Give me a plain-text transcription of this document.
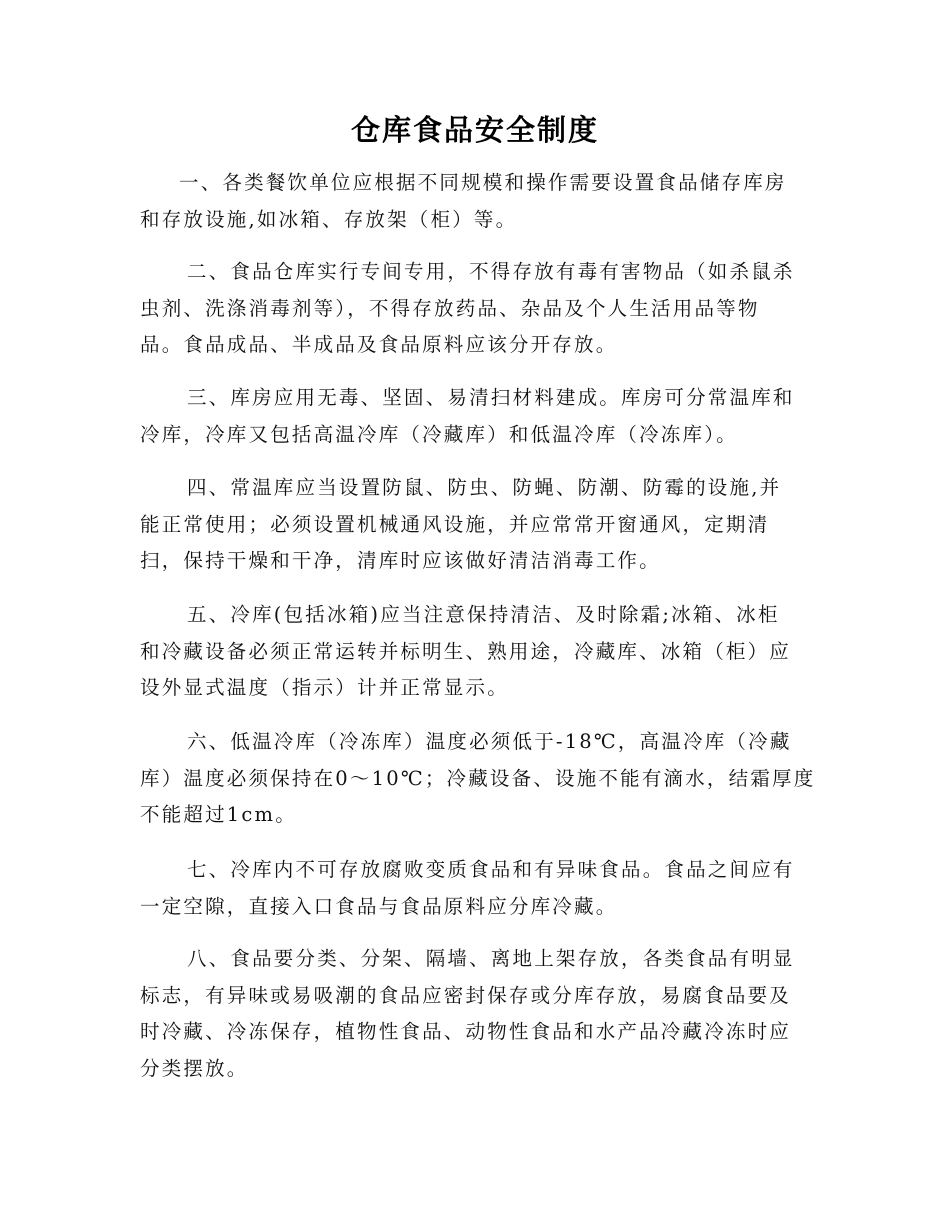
仓库食品安全制度
一、各类餐饮单位应根据不同规模和操作需要设置食品储存库房
和存放设施,如冰箱、存放架（柜）等。
二、食品仓库实行专间专用，不得存放有毒有害物品（如杀鼠杀
虫剂、洗涤消毒剂等），不得存放药品、杂品及个人生活用品等物
品。食品成品、半成品及食品原料应该分开存放。
三、库房应用无毒、坚固、易清扫材料建成。库房可分常温库和
冷库，冷库又包括高温冷库（冷藏库）和低温冷库（冷冻库）。
四、常温库应当设置防鼠、防虫、防蝇、防潮、防霉的设施,并
能正常使用；必须设置机械通风设施，并应常常开窗通风，定期清
扫，保持干燥和干净，清库时应该做好清洁消毒工作。
五、冷库(包括冰箱)应当注意保持清洁、及时除霜;冰箱、冰柜
和冷藏设备必须正常运转并标明生、熟用途，冷藏库、冰箱（柜）应
设外显式温度（指示）计并正常显示。
六、低温冷库（冷冻库）温度必须低于-18℃，高温冷库（冷藏
库）温度必须保持在0～10℃；冷藏设备、设施不能有滴水，结霜厚度
不能超过1cm。
七、冷库内不可存放腐败变质食品和有异味食品。食品之间应有
一定空隙，直接入口食品与食品原料应分库冷藏。
八、食品要分类、分架、隔墙、离地上架存放，各类食品有明显
标志，有异味或易吸潮的食品应密封保存或分库存放，易腐食品要及
时冷藏、冷冻保存，植物性食品、动物性食品和水产品冷藏冷冻时应
分类摆放。
